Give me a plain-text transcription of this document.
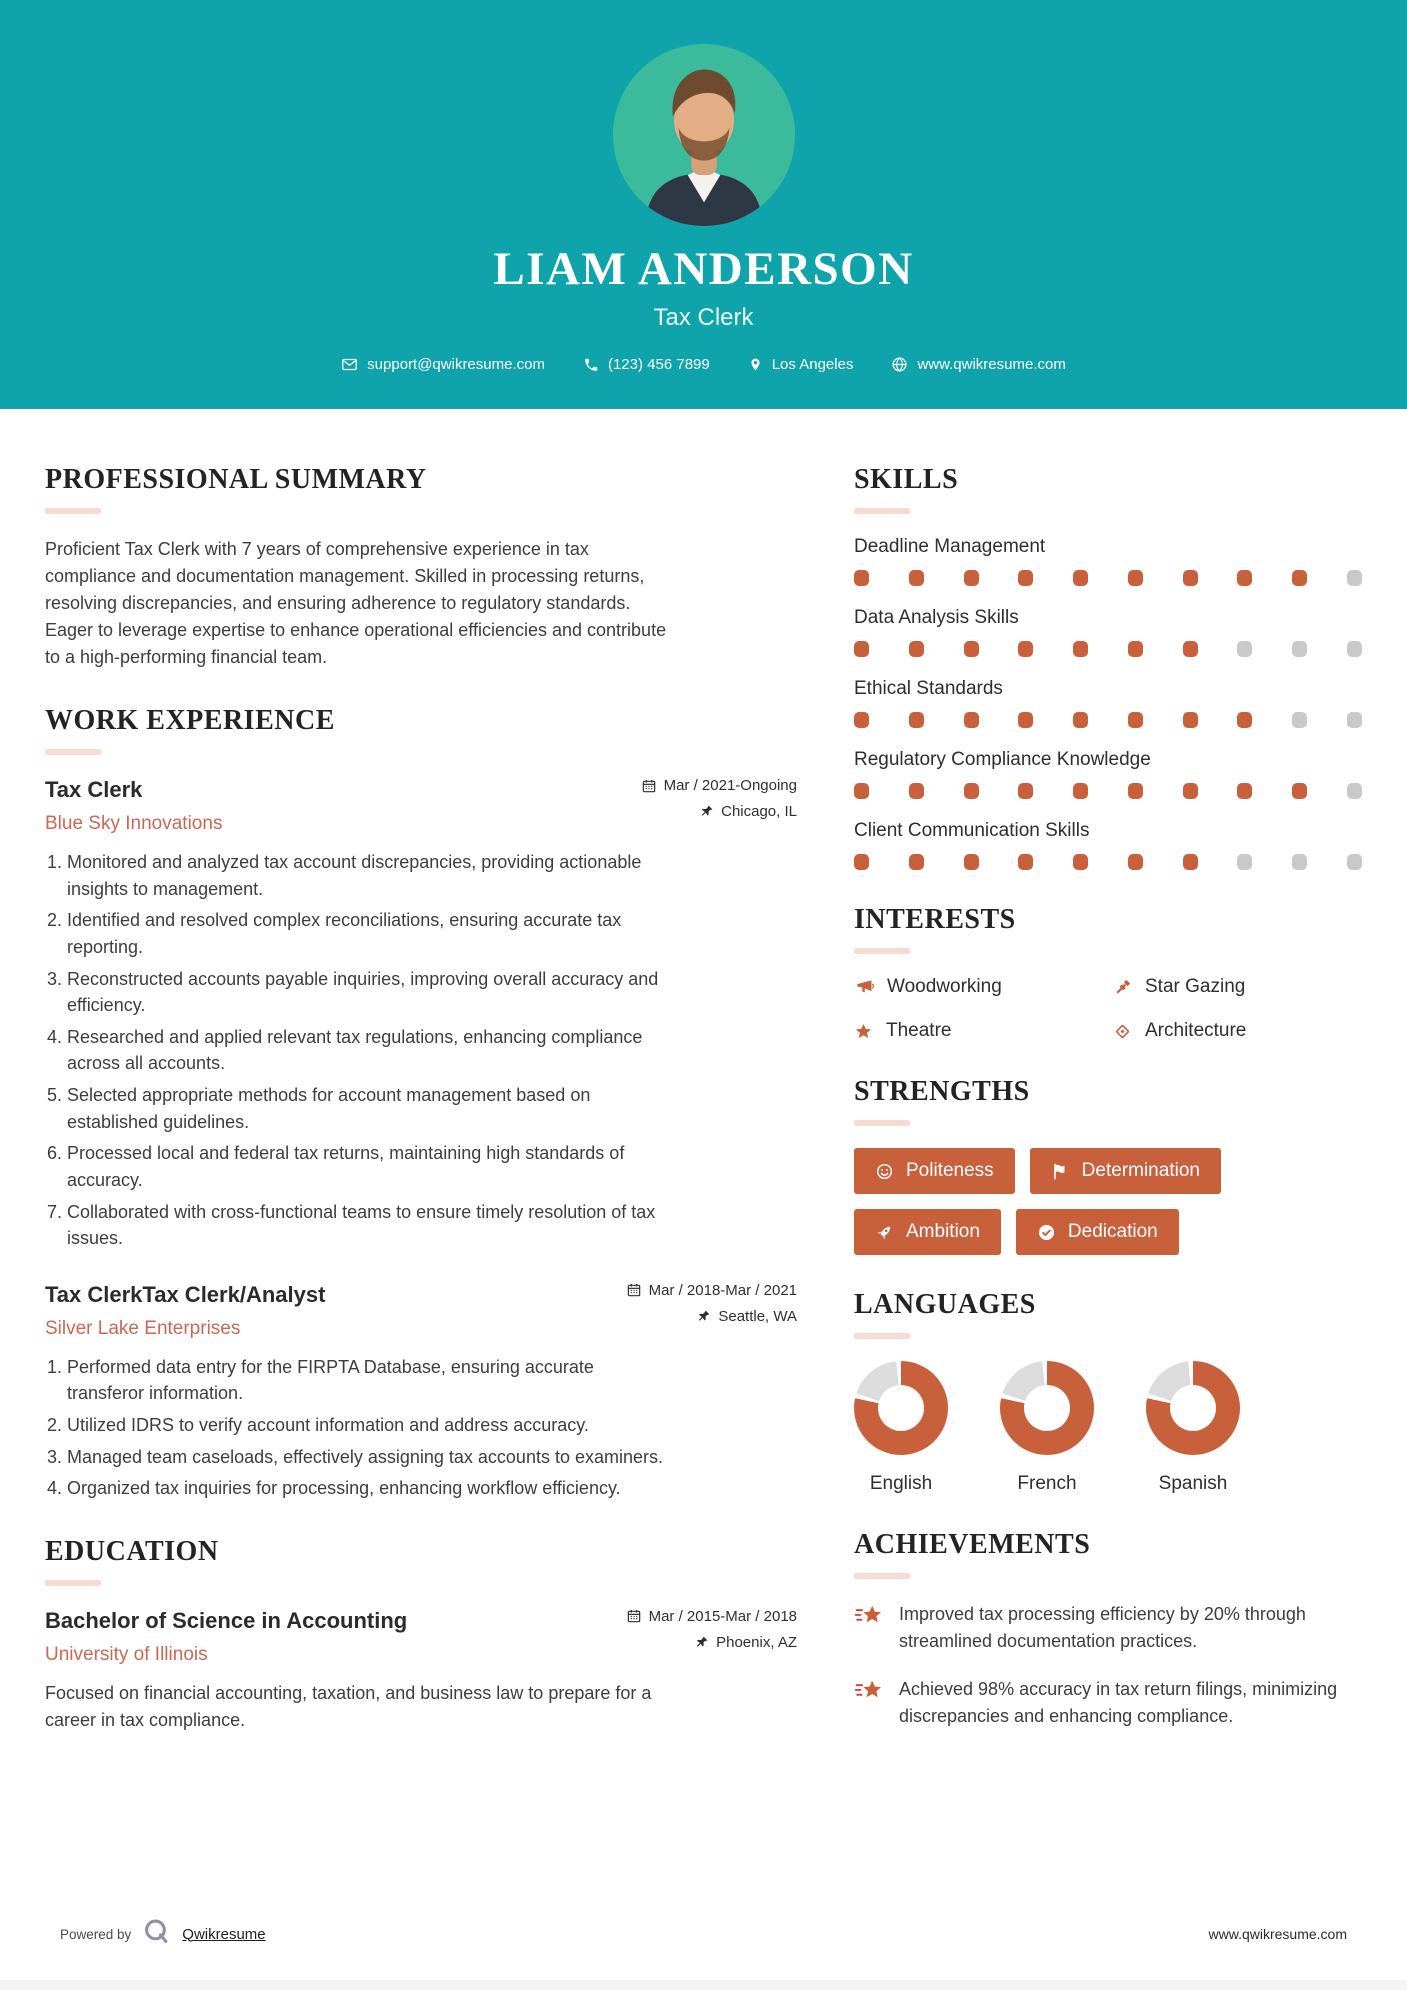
LIAM ANDERSON
Tax Clerk
support@qwikresume.com	(123) 456 7899	Los Angeles	www.qwikresume.com
PROFESSIONAL SUMMARY

Proficient Tax Clerk with 7 years of comprehensive experience in tax compliance and documentation management. Skilled in processing returns, resolving discrepancies, and ensuring adherence to regulatory standards. Eager to leverage expertise to enhance operational efficiencies and contribute to a high-performing financial team.

WORK EXPERIENCE
Tax Clerk
Blue Sky Innovations
Mar / 2021-Ongoing
Chicago, IL
1. Monitored and analyzed tax account discrepancies, providing actionable insights to management.
2. Identified and resolved complex reconciliations, ensuring accurate tax reporting.
3. Reconstructed accounts payable inquiries, improving overall accuracy and efficiency.
4. Researched and applied relevant tax regulations, enhancing compliance across all accounts.
5. Selected appropriate methods for account management based on established guidelines.
6. Processed local and federal tax returns, maintaining high standards of accuracy.
7. Collaborated with cross-functional teams to ensure timely resolution of tax issues.
Tax ClerkTax Clerk/Analyst
Silver Lake Enterprises
Mar / 2018-Mar / 2021
Seattle, WA
1. Performed data entry for the FIRPTA Database, ensuring accurate transferor information.
2. Utilized IDRS to verify account information and address accuracy.
3. Managed team caseloads, effectively assigning tax accounts to examiners.
4. Organized tax inquiries for processing, enhancing workflow efficiency.
EDUCATION
Bachelor of Science in Accounting
University of Illinois
Mar / 2015-Mar / 2018
Phoenix, AZ

Focused on financial accounting, taxation, and business law to prepare for a career in tax compliance.

SKILLS
Deadline Management
Data Analysis Skills
Ethical Standards
Regulatory Compliance Knowledge
Client Communication Skills
INTERESTS
Woodworking	Star Gazing
Theatre	Architecture
STRENGTHS
Politeness	Determination
Ambition	Dedication
LANGUAGES
English	French	Spanish
ACHIEVEMENTS

Improved tax processing efficiency by 20% through streamlined documentation practices.

Achieved 98% accuracy in tax return filings, minimizing discrepancies and enhancing compliance.

Powered by	Qwikresume	www.qwikresume.com
